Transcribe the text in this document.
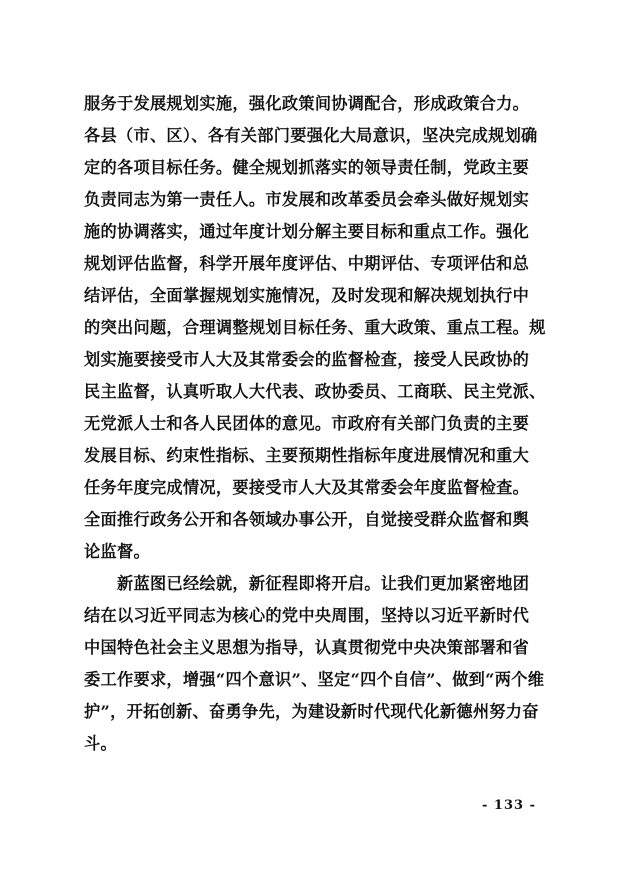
服务于发展规划实施，强化政策间协调配合，形成政策合力。
各县（市、区）、各有关部门要强化大局意识，坚决完成规划确
定的各项目标任务。健全规划抓落实的领导责任制，党政主要
负责同志为第一责任人。市发展和改革委员会牵头做好规划实
施的协调落实，通过年度计划分解主要目标和重点工作。强化
规划评估监督，科学开展年度评估、中期评估、专项评估和总
结评估，全面掌握规划实施情况，及时发现和解决规划执行中
的突出问题，合理调整规划目标任务、重大政策、重点工程。规
划实施要接受市人大及其常委会的监督检查，接受人民政协的
民主监督，认真听取人大代表、政协委员、工商联、民主党派、
无党派人士和各人民团体的意见。市政府有关部门负责的主要
发展目标、约束性指标、主要预期性指标年度进展情况和重大
任务年度完成情况，要接受市人大及其常委会年度监督检查。
全面推行政务公开和各领域办事公开，自觉接受群众监督和舆
论监督。
新蓝图已经绘就，新征程即将开启。让我们更加紧密地团
结在以习近平同志为核心的党中央周围，坚持以习近平新时代
中国特色社会主义思想为指导，认真贯彻党中央决策部署和省
委工作要求，增强“四个意识”、坚定“四个自信”、做到“两个维
护”，开拓创新、奋勇争先，为建设新时代现代化新德州努力奋
斗。
- 133 -
